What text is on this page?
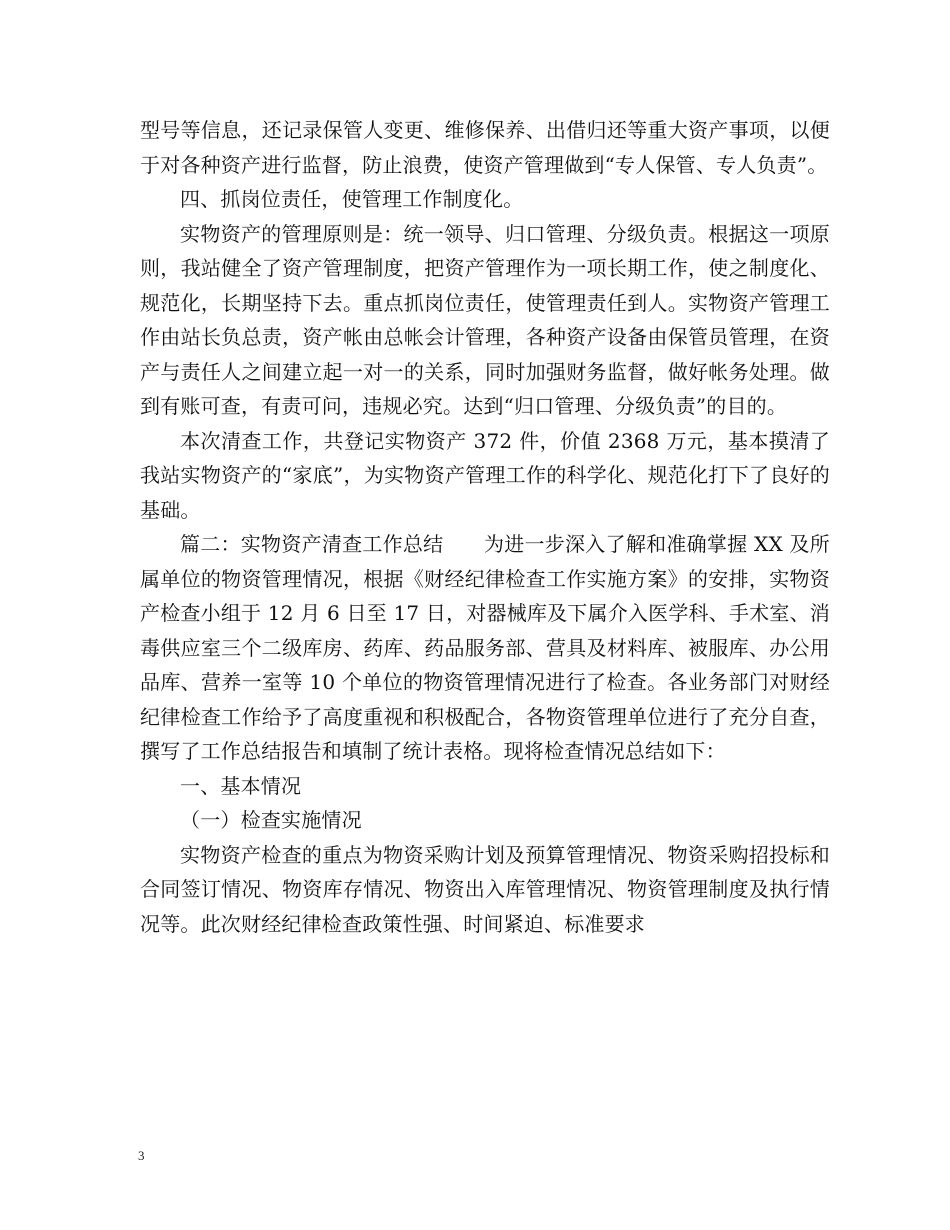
型号等信息，还记录保管人变更、维修保养、出借归还等重大资产事项，以便于对各种资产进行监督，防止浪费，使资产管理做到“专人保管、专人负责”。

四、抓岗位责任，使管理工作制度化。

实物资产的管理原则是：统一领导、归口管理、分级负责。根据这一项原则，我站健全了资产管理制度，把资产管理作为一项长期工作，使之制度化、规范化，长期坚持下去。重点抓岗位责任，使管理责任到人。实物资产管理工作由站长负总责，资产帐由总帐会计管理，各种资产设备由保管员管理，在资产与责任人之间建立起一对一的关系，同时加强财务监督，做好帐务处理。做到有账可查，有责可问，违规必究。达到“归口管理、分级负责”的目的。

本次清查工作，共登记实物资产 372 件，价值 2368 万元，基本摸清了我站实物资产的“家底”，为实物资产管理工作的科学化、规范化打下了良好的基础。

篇二：实物资产清查工作总结　　为进一步深入了解和准确掌握 XX 及所属单位的物资管理情况，根据《财经纪律检查工作实施方案》的安排，实物资产检查小组于 12 月 6 日至 17 日，对器械库及下属介入医学科、手术室、消毒供应室三个二级库房、药库、药品服务部、营具及材料库、被服库、办公用品库、营养一室等 10 个单位的物资管理情况进行了检查。各业务部门对财经纪律检查工作给予了高度重视和积极配合，各物资管理单位进行了充分自查，撰写了工作总结报告和填制了统计表格。现将检查情况总结如下：

一、基本情况

（一）检查实施情况

实物资产检查的重点为物资采购计划及预算管理情况、物资采购招投标和合同签订情况、物资库存情况、物资出入库管理情况、物资管理制度及执行情况等。此次财经纪律检查政策性强、时间紧迫、标准要求

3
